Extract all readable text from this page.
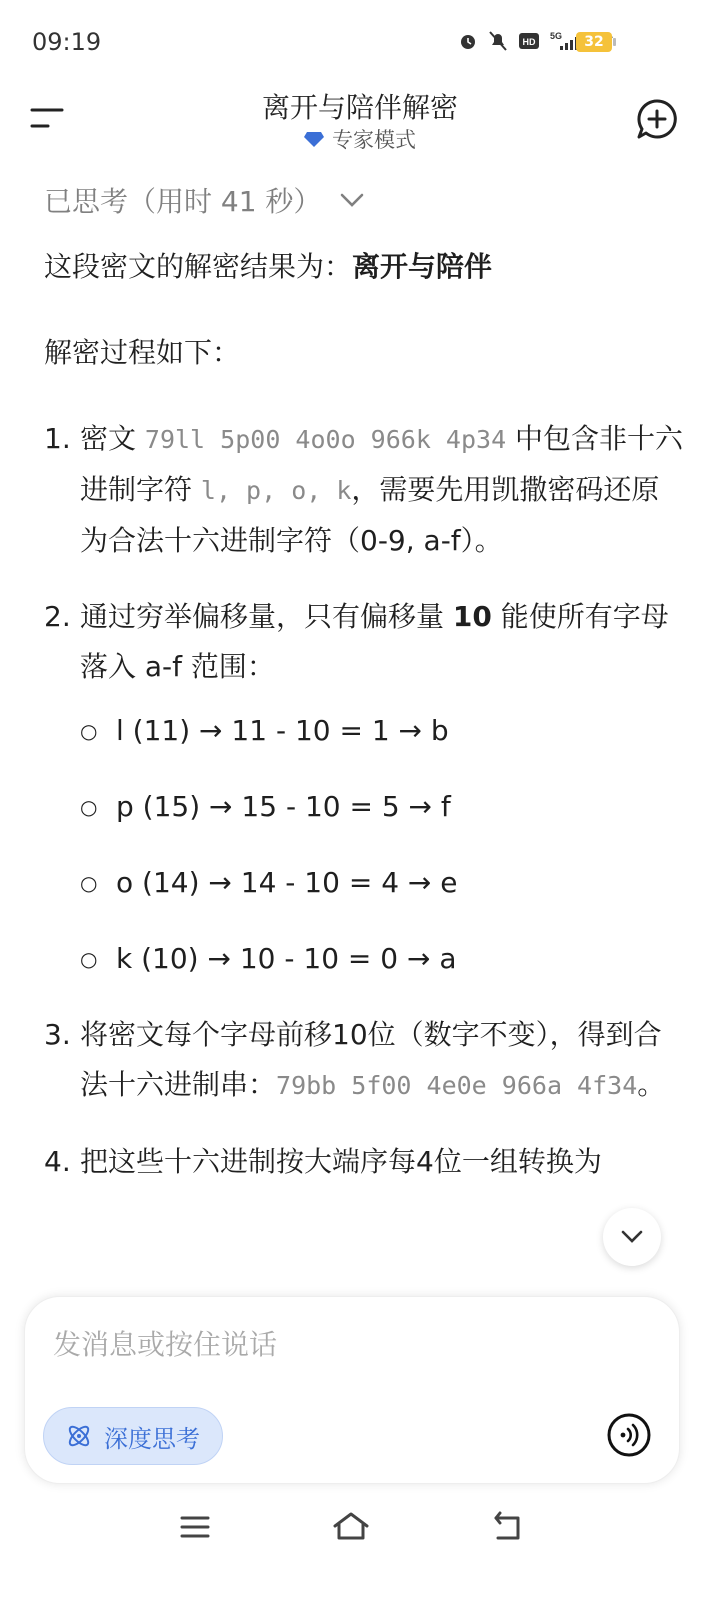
09:19	HD
5G	32
离开与陪伴解密
专家模式
已思考（用时 41 秒）
这段密文的解密结果为：离开与陪伴
解密过程如下：
1. 密文 79ll 5p00 4o0o 966k 4p34 中包含非十六进制字符 l, p, o, k，需要先用凯撒密码还原为合法十六进制字符（0-9, a-f）。
2. 通过穷举偏移量，只有偏移量 10 能使所有字母落入 a-f 范围：
○ l (11) → 11 - 10 = 1 → b
○ p (15) → 15 - 10 = 5 → f
○ o (14) → 14 - 10 = 4 → e
○ k (10) → 10 - 10 = 0 → a
3. 将密文每个字母前移10位（数字不变），得到合法十六进制串：79bb 5f00 4e0e 966a 4f34。
4. 把这些十六进制按大端序每4位一组转换为
发消息或按住说话
深度思考
